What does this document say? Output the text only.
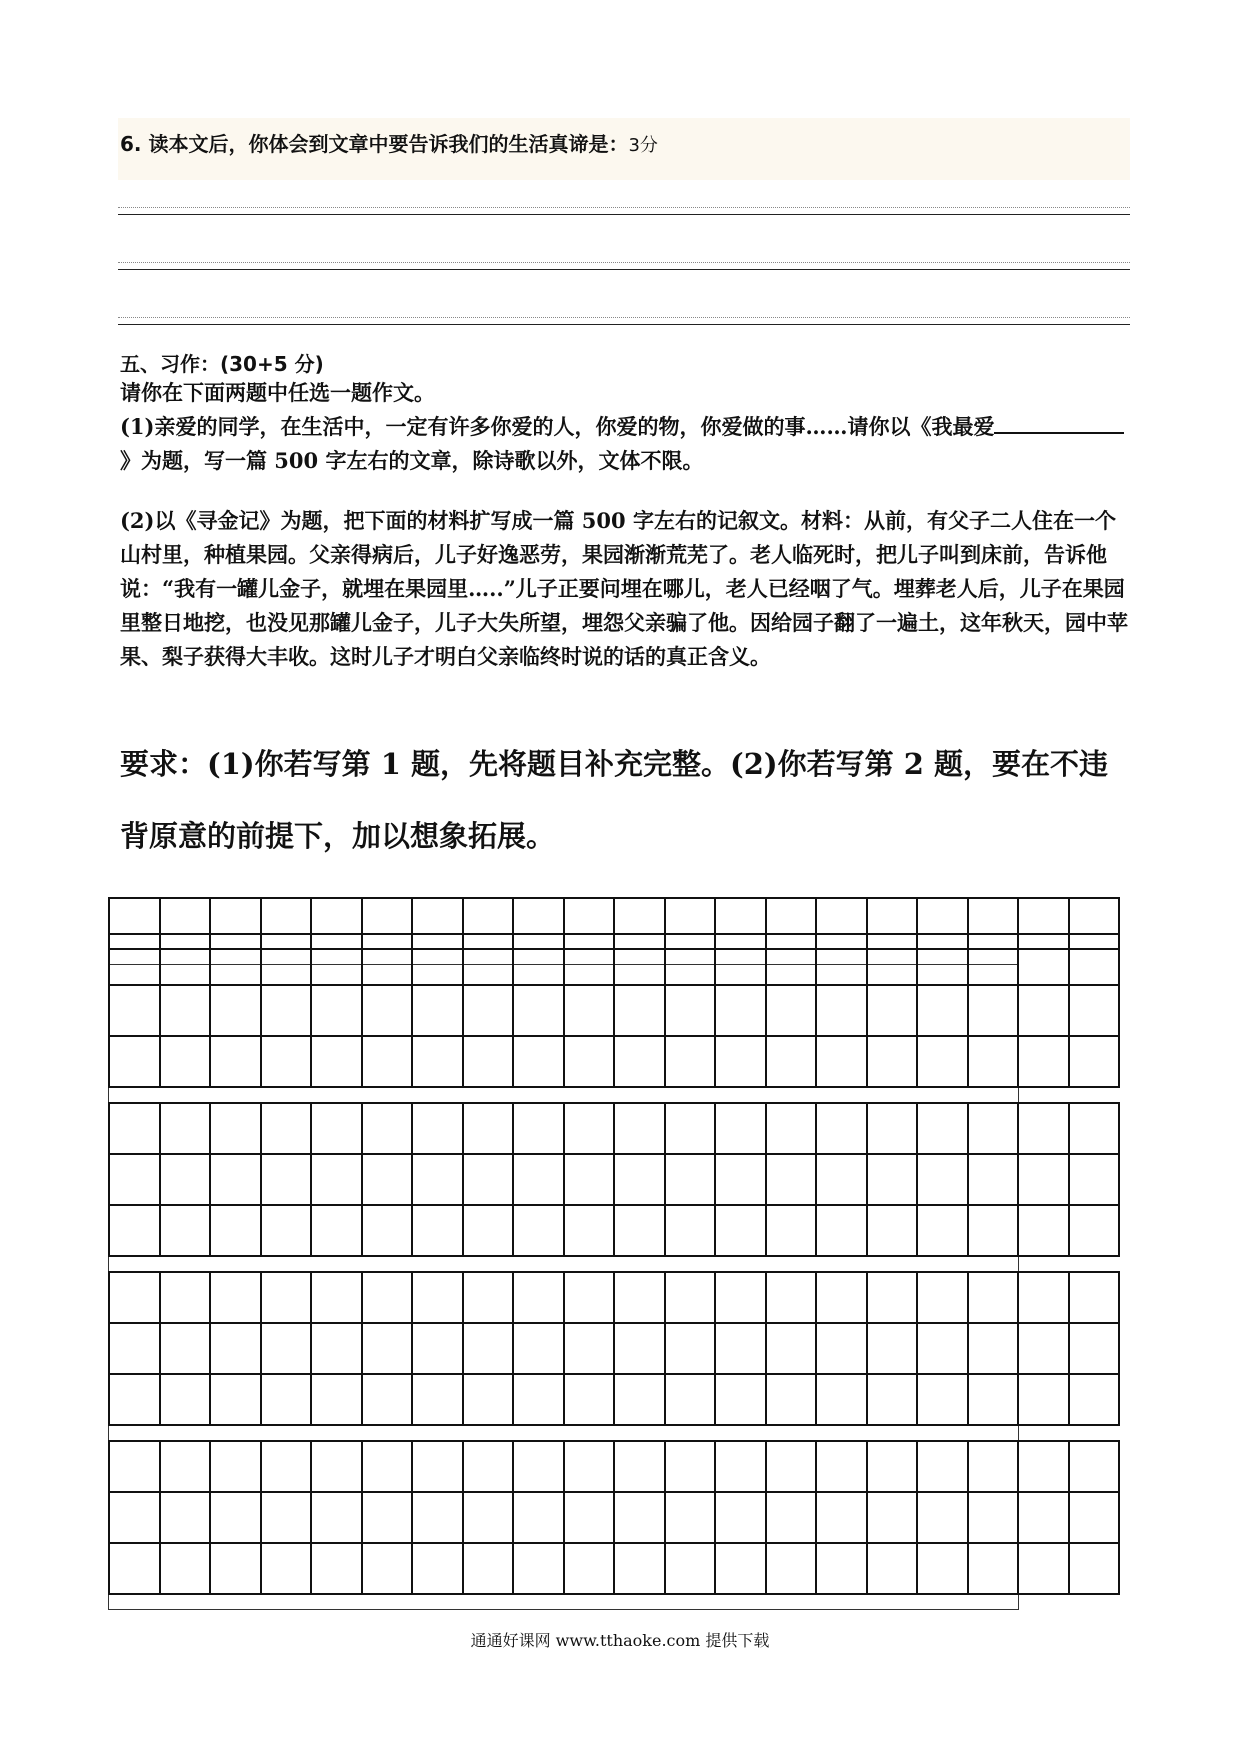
6. 读本文后，你体会到文章中要告诉我们的生活真谛是：3分
五、习作：(30+5 分)
请你在下面两题中任选一题作文。
(1)亲爱的同学，在生活中，一定有许多你爱的人，你爱的物，你爱做的事……请你以《我最爱》为题，写一篇 500 字左右的文章，除诗歌以外，文体不限。
(2)以《寻金记》为题，把下面的材料扩写成一篇 500 字左右的记叙文。材料：从前，有父子二人住在一个山村里，种植果园。父亲得病后，儿子好逸恶劳，果园渐渐荒芜了。老人临死时，把儿子叫到床前，告诉他说：“我有一罐儿金子，就埋在果园里…..”儿子正要问埋在哪儿，老人已经咽了气。埋葬老人后，儿子在果园里整日地挖，也没见那罐儿金子，儿子大失所望，埋怨父亲骗了他。因给园子翻了一遍土，这年秋天，园中苹果、梨子获得大丰收。这时儿子才明白父亲临终时说的话的真正含义。
要求：(1)你若写第 1 题，先将题目补充完整。(2)你若写第 2 题，要在不违背原意的前提下，加以想象拓展。
通通好课网 www.tthaoke.com 提供下载
